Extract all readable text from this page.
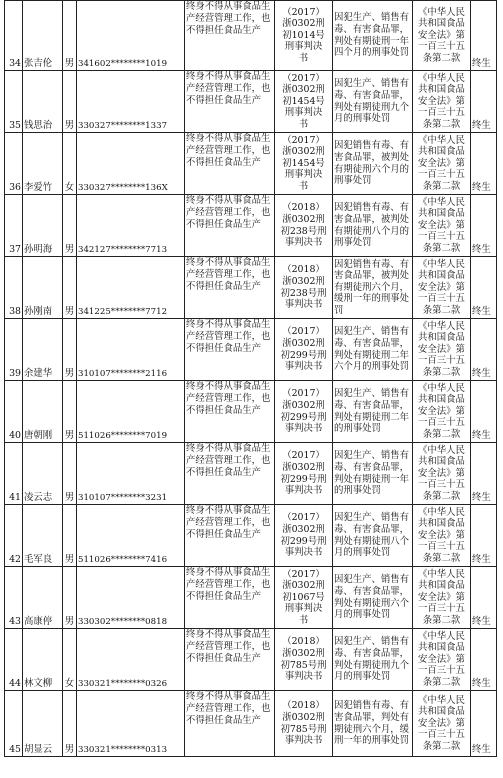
34	张吉伦	男	341602********1019	终身不得从事食品生
产经营管理工作，也
不得担任食品生产	（2017）
浙0302刑
初1014号
刑事判决
书	因犯生产、销售有毒、有害食品罪，判处有期徒刑一年四个月的刑事处罚	《中华人民共和国食品安全法》第一百三十五条第二款	终生
35	钱思治	男	330327********1337	终身不得从事食品生
产经营管理工作，也
不得担任食品生产	（2017）
浙0302刑
初1454号
刑事判决
书	因犯生产、销售有毒、有害食品罪，判处有期徒刑九个月的刑事处罚	《中华人民共和国食品安全法》第一百三十五条第二款	终生
36	李爱竹	女	330327********136X	终身不得从事食品生
产经营管理工作，也
不得担任食品生产	（2017）
浙0302刑
初1454号
刑事判决
书	因犯销售有毒、有害食品罪，被判处有期徒刑六个月的刑事处罚	《中华人民共和国食品安全法》第一百三十五条第二款	终生
37	孙明海	男	342127********7713	终身不得从事食品生
产经营管理工作，也
不得担任食品生产	（2018）
浙0302刑
初238号刑
事判决书	因犯销售有毒、有害食品罪，被判处有期徒刑八个月的刑事处罚	《中华人民共和国食品安全法》第一百三十五条第二款	终生
38	孙刚南	男	341225********7712	终身不得从事食品生
产经营管理工作，也
不得担任食品生产	（2018）
浙0302刑
初238号刑
事判决书	因犯销售有毒、有害食品罪，被判处有期徒刑六个月，缓刑一年的刑事处罚	《中华人民共和国食品安全法》第一百三十五条第二款	终生
39	余建华	男	310107********2116	终身不得从事食品生
产经营管理工作，也
不得担任食品生产	（2017）
浙0302刑
初299号刑
事判决书	因犯生产、销售有毒、有害食品罪，判处有期徒刑二年六个月的刑事处罚	《中华人民共和国食品安全法》第一百三十五条第二款	终生
40	唐朝刚	男	511026********7019	终身不得从事食品生
产经营管理工作，也
不得担任食品生产	（2017）
浙0302刑
初299号刑
事判决书	因犯生产、销售有毒、有害食品罪，判处有期徒刑二年的刑事处罚	《中华人民共和国食品安全法》第一百三十五条第二款	终生
41	凌云志	男	310107********3231	终身不得从事食品生
产经营管理工作，也
不得担任食品生产	（2017）
浙0302刑
初299号刑
事判决书	因犯生产、销售有毒、有害食品罪，判处有期徒刑一年的刑事处罚	《中华人民共和国食品安全法》第一百三十五条第二款	终生
42	毛军良	男	511026********7416	终身不得从事食品生
产经营管理工作，也
不得担任食品生产	（2017）
浙0302刑
初299号刑
事判决书	因犯生产、销售有毒、有害食品罪，判处有期徒刑八个月的刑事处罚	《中华人民共和国食品安全法》第一百三十五条第二款	终生
43	高康停	男	330302********0818	终身不得从事食品生
产经营管理工作，也
不得担任食品生产	（2017）
浙0302刑
初1067号
刑事判决
书	因犯生产、销售有毒、有害食品罪，判处有期徒刑六个月的刑事处罚	《中华人民共和国食品安全法》第一百三十五条第二款	终生
44	林文柳	女	330321********0326	终身不得从事食品生
产经营管理工作，也
不得担任食品生产	（2018）
浙0302刑
初785号刑
事判决书	因犯生产、销售有毒、有害食品罪，判处有期徒刑九个月的刑事处罚	《中华人民共和国食品安全法》第一百三十五条第二款	终生
45	胡显云	男	330321********0313	终身不得从事食品生
产经营管理工作，也
不得担任食品生产	（2018）
浙0302刑
初785号刑
事判决书	因犯销售有毒、有害食品罪，判处有期徒刑六个月，缓刑一年的刑事处罚	《中华人民共和国食品安全法》第一百三十五条第二款	终生
